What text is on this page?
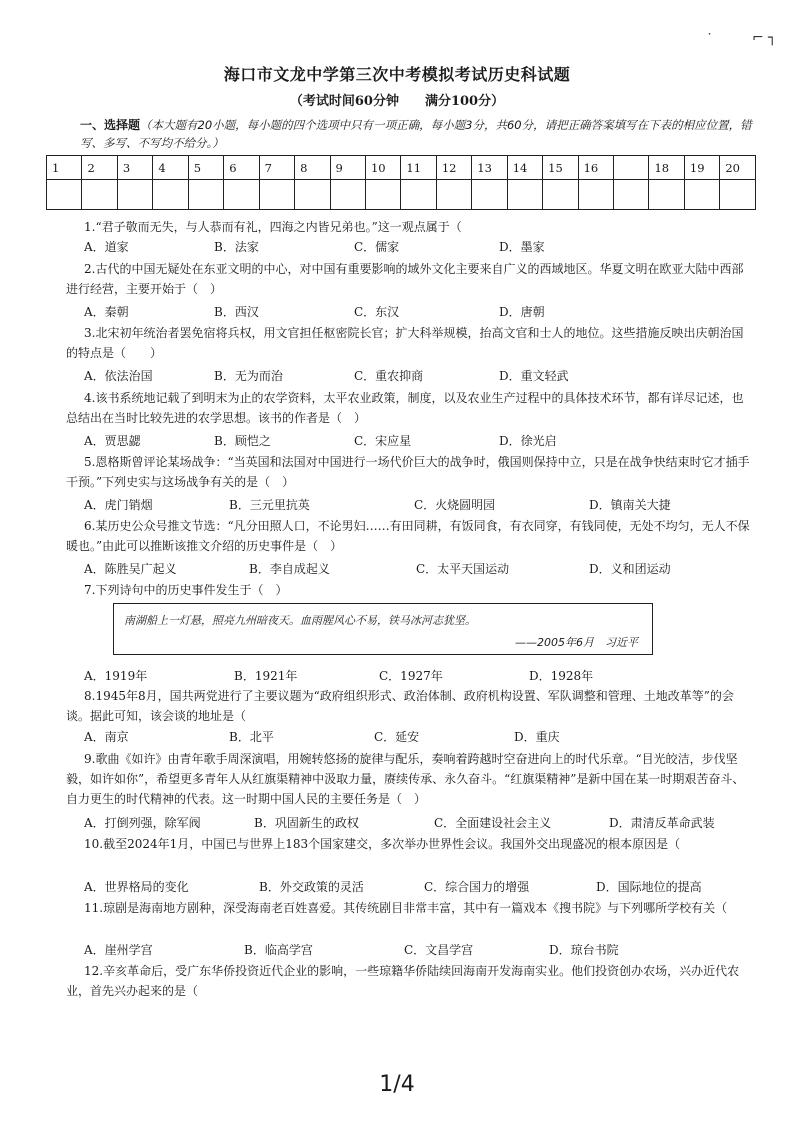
˙	⌐ ┐
海口市文龙中学第三次中考模拟考试历史科试题
（考试时间60分钟　　满分100分）
一、选择题（本大题有20小题，每小题的四个选项中只有一项正确，每小题3分，共60分，请把正确答案填写在下表的相应位置，错写、多写、不写均不给分。）
1	2	3	4	5	6	7	8	9	10	11	12	13	14	15	16		18	19	20

1.“君子敬而无失，与人恭而有礼，四海之内皆兄弟也。”这一观点属于（
A．道家	B．法家	C．儒家	D．墨家
2.古代的中国无疑处在东亚文明的中心，对中国有重要影响的域外文化主要来自广义的西域地区。华夏文明在欧亚大陆中西部进行经营，主要开始于（　）
A．秦朝	B．西汉	C．东汉	D．唐朝
3.北宋初年统治者罢免宿将兵权，用文官担任枢密院长官；扩大科举规模，抬高文官和士人的地位。这些措施反映出庆朝治国的特点是（　　）
A．依法治国	B．无为而治	C．重农抑商	D．重文轻武
4.该书系统地记载了到明末为止的农学资料，太平农业政策，制度，以及农业生产过程中的具体技术环节，都有详尽记述，也总结出在当时比较先进的农学思想。该书的作者是（　）
A．贾思勰	B．顾恺之	C．宋应星	D．徐光启
5.恩格斯曾评论某场战争：“当英国和法国对中国进行一场代价巨大的战争时，俄国则保持中立，只是在战争快结束时它才插手干预。”下列史实与这场战争有关的是（　）
A．虎门销烟	B．三元里抗英	C．火烧圆明园	D．镇南关大捷
6.某历史公众号推文节选：“凡分田照人口，不论男妇……有田同耕，有饭同食，有衣同穿，有钱同使，无处不均匀，无人不保暖也。”由此可以推断该推文介绍的历史事件是（　）
A．陈胜吴广起义	B．李自成起义	C．太平天国运动	D．义和团运动
7.下列诗句中的历史事件发生于（　）
南湖船上一灯悬，照亮九州暗夜天。血雨腥风心不易，铁马冰河志犹坚。
——2005年6月　习近平
A．1919年	B．1921年	C．1927年	D．1928年
8.1945年8月，国共两党进行了主要议题为“政府组织形式、政治体制、政府机构设置、军队调整和管理、土地改革等”的会谈。据此可知，该会谈的地址是（
A．南京	B．北平	C．延安	D．重庆
9.歌曲《如许》由青年歌手周深演唱，用婉转悠扬的旋律与配乐，奏响着跨越时空奋进向上的时代乐章。“目光皎洁，步伐坚毅，如许如你”，希望更多青年人从红旗渠精神中汲取力量，赓续传承、永久奋斗。“红旗渠精神”是新中国在某一时期艰苦奋斗、自力更生的时代精神的代表。这一时期中国人民的主要任务是（　）
A．打倒列强，除军阀	B．巩固新生的政权	C．全面建设社会主义	D．肃清反革命武装
10.截至2024年1月，中国已与世界上183个国家建交，多次举办世界性会议。我国外交出现盛况的根本原因是（
A．世界格局的变化	B．外交政策的灵活	C．综合国力的增强	D．国际地位的提高
11.琼剧是海南地方剧种，深受海南老百姓喜爱。其传统剧目非常丰富，其中有一篇戏本《搜书院》与下列哪所学校有关（
A．崖州学宫	B．临高学宫	C．文昌学宫	D．琼台书院
12.辛亥革命后，受广东华侨投资近代企业的影响，一些琼籍华侨陆续回海南开发海南实业。他们投资创办农场，兴办近代农业，首先兴办起来的是（
1/4
